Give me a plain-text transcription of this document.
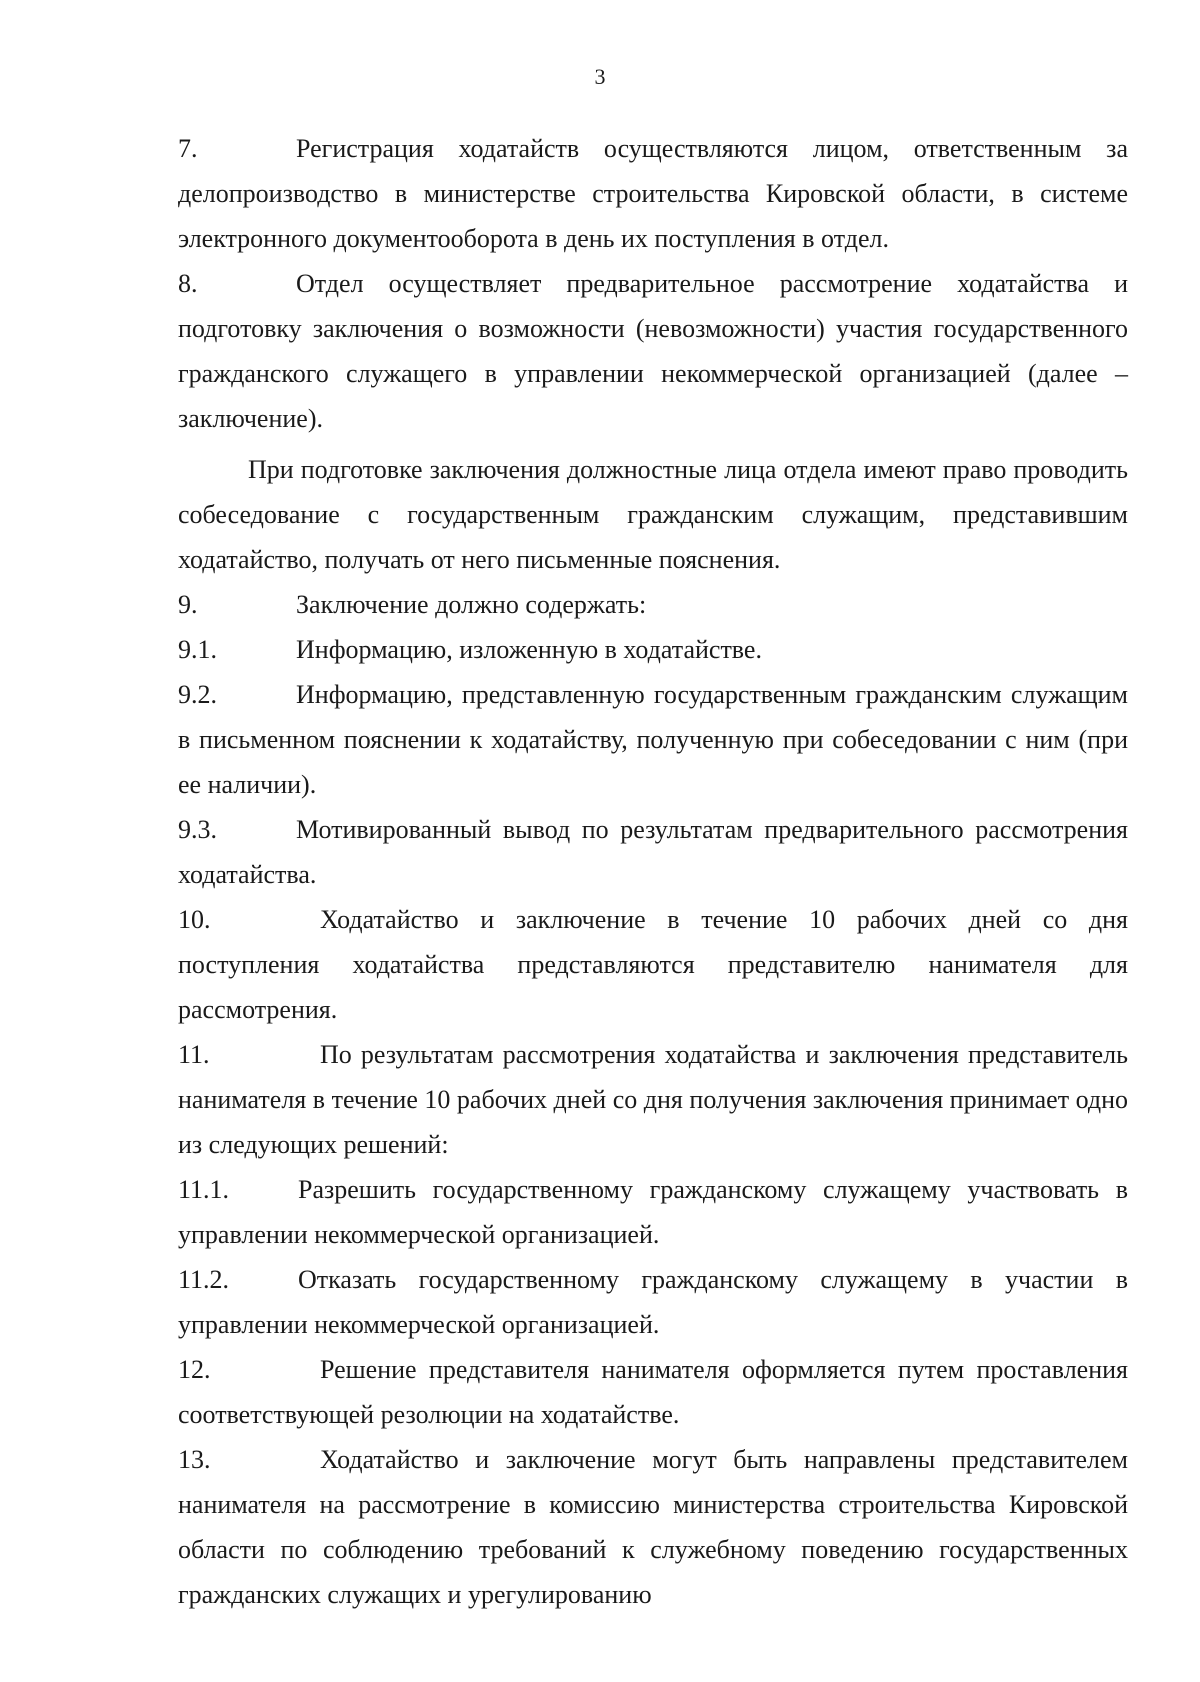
3

7.	Регистрация ходатайств осуществляются лицом, ответственным за делопроизводство в министерстве строительства Кировской области, в системе электронного документооборота в день их поступления в отдел.

8.	Отдел осуществляет предварительное рассмотрение ходатайства и подготовку заключения о возможности (невозможности) участия государственного гражданского служащего в управлении некоммерческой организацией (далее – заключение).

При подготовке заключения должностные лица отдела имеют право проводить собеседование с государственным гражданским служащим, представившим ходатайство, получать от него письменные пояснения.

9.	Заключение должно содержать:

9.1.	Информацию, изложенную в ходатайстве.

9.2.	Информацию, представленную государственным гражданским служащим в письменном пояснении к ходатайству, полученную при собеседовании с ним (при ее наличии).

9.3.	Мотивированный вывод по результатам предварительного рассмотрения ходатайства.

10.	Ходатайство и заключение в течение 10 рабочих дней со дня поступления ходатайства представляются представителю нанимателя для рассмотрения.

11.	По результатам рассмотрения ходатайства и заключения представитель нанимателя в течение 10 рабочих дней со дня получения заключения принимает одно из следующих решений:

11.1.	Разрешить государственному гражданскому служащему участвовать в управлении некоммерческой организацией.

11.2.	Отказать государственному гражданскому служащему в участии в управлении некоммерческой организацией.

12.	Решение представителя нанимателя оформляется путем проставления соответствующей резолюции на ходатайстве.

13.	Ходатайство и заключение могут быть направлены представителем нанимателя на рассмотрение в комиссию министерства строительства Кировской области по соблюдению требований к служебному поведению государственных гражданских служащих и урегулированию
